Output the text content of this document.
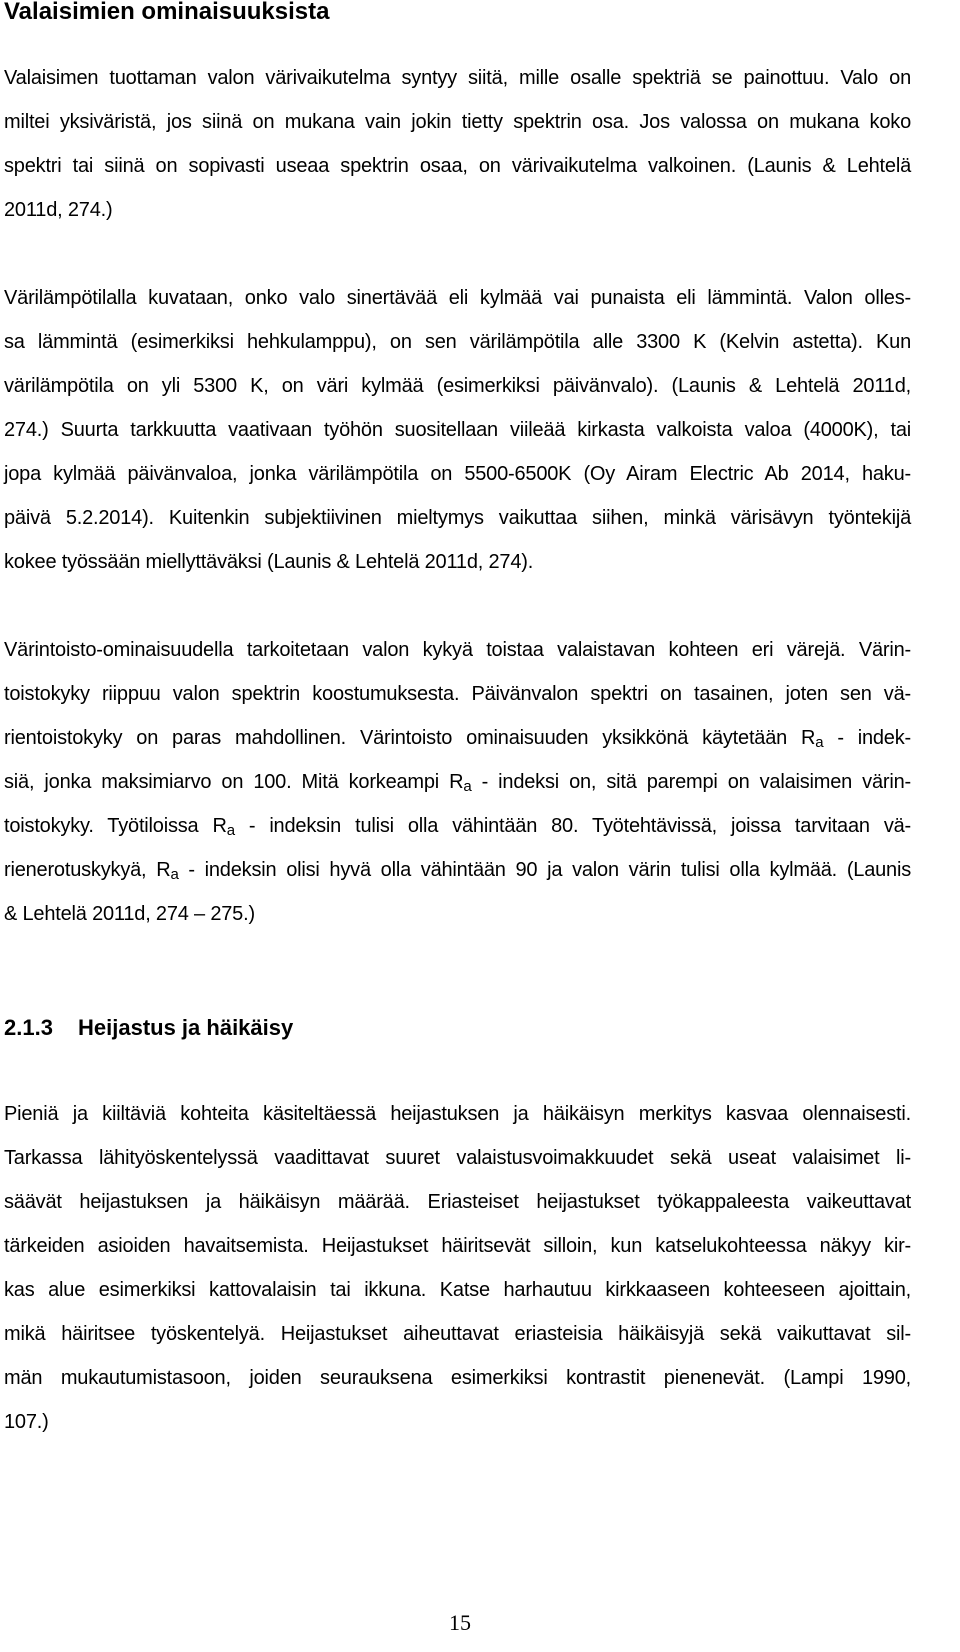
Valaisimien ominaisuuksista
Valaisimen tuottaman valon värivaikutelma syntyy siitä, mille osalle spektriä se painottuu. Valo on
miltei yksiväristä, jos siinä on mukana vain jokin tietty spektrin osa. Jos valossa on mukana koko
spektri tai siinä on sopivasti useaa spektrin osaa, on värivaikutelma valkoinen. (Launis & Lehtelä
2011d, 274.)
Värilämpötilalla kuvataan, onko valo sinertävää eli kylmää vai punaista eli lämmintä. Valon olles-
sa lämmintä (esimerkiksi hehkulamppu), on sen värilämpötila alle 3300 K (Kelvin astetta). Kun
värilämpötila on yli 5300 K, on väri kylmää (esimerkiksi päivänvalo). (Launis & Lehtelä 2011d,
274.) Suurta tarkkuutta vaativaan työhön suositellaan viileää kirkasta valkoista valoa (4000K), tai
jopa kylmää päivänvaloa, jonka värilämpötila on 5500-6500K (Oy Airam Electric Ab 2014, haku-
päivä 5.2.2014). Kuitenkin subjektiivinen mieltymys vaikuttaa siihen, minkä värisävyn työntekijä
kokee työssään miellyttäväksi (Launis & Lehtelä 2011d, 274).
Värintoisto-ominaisuudella tarkoitetaan valon kykyä toistaa valaistavan kohteen eri värejä. Värin-
toistokyky riippuu valon spektrin koostumuksesta. Päivänvalon spektri on tasainen, joten sen vä-
rientoistokyky on paras mahdollinen. Värintoisto ominaisuuden yksikkönä käytetään $R_a$ - indek-
siä, jonka maksimiarvo on 100. Mitä korkeampi $R_a$ - indeksi on, sitä parempi on valaisimen värin-
toistokyky. Työtiloissa $R_a$ - indeksin tulisi olla vähintään 80. Työtehtävissä, joissa tarvitaan vä-
rienerotuskykyä, $R_a$ - indeksin olisi hyvä olla vähintään 90 ja valon värin tulisi olla kylmää. (Launis
& Lehtelä 2011d, 274 – 275.)
2.1.3 Heijastus ja häikäisy
Pieniä ja kiiltäviä kohteita käsiteltäessä heijastuksen ja häikäisyn merkitys kasvaa olennaisesti.
Tarkassa lähityöskentelyssä vaadittavat suuret valaistusvoimakkuudet sekä useat valaisimet li-
säävät heijastuksen ja häikäisyn määrää. Eriasteiset heijastukset työkappaleesta vaikeuttavat
tärkeiden asioiden havaitsemista. Heijastukset häiritsevät silloin, kun katselukohteessa näkyy kir-
kas alue esimerkiksi kattovalaisin tai ikkuna. Katse harhautuu kirkkaaseen kohteeseen ajoittain,
mikä häiritsee työskentelyä. Heijastukset aiheuttavat eriasteisia häikäisyjä sekä vaikuttavat sil-
män mukautumistasoon, joiden seurauksena esimerkiksi kontrastit pienenevät. (Lampi 1990,
107.)
15
